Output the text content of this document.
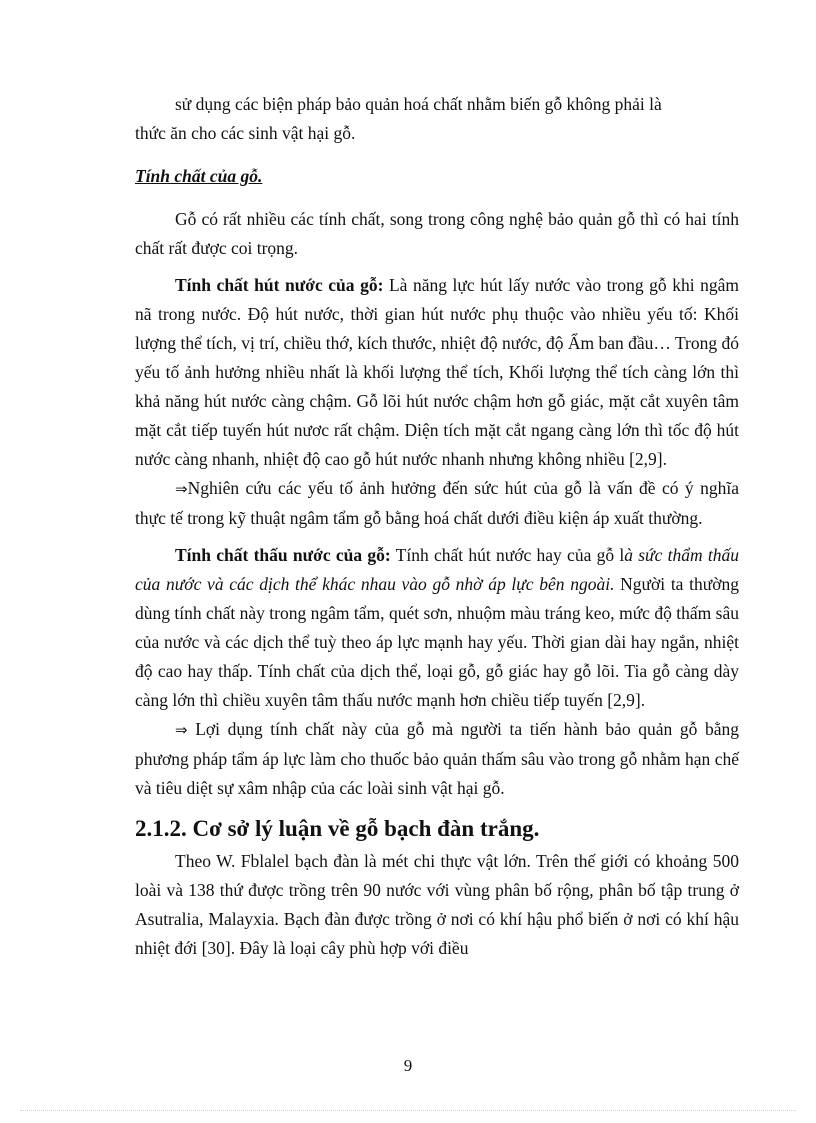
sử dụng các biện pháp bảo quản hoá chất nhằm biến gỗ không phải là

thức ăn cho các sinh vật hại gỗ.

Tính chất của gỗ.

Gỗ có rất nhiều các tính chất, song trong công nghệ bảo quản gỗ thì có hai tính chất rất được coi trọng.

Tính chất hút nước của gỗ: Là năng lực hút lấy nước vào trong gỗ khi ngâm nã trong nước. Độ hút nước, thời gian hút nước phụ thuộc vào nhiều yếu tố: Khối lượng thể tích, vị trí, chiều thớ, kích thước, nhiệt độ nước, độ Ẩm ban đầu… Trong đó yếu tố ảnh hưởng nhiều nhất là khối lượng thể tích, Khối lượng thể tích càng lớn thì khả năng hút nước càng chậm. Gỗ lõi hút nước chậm hơn gỗ giác, mặt cắt xuyên tâm mặt cắt tiếp tuyến hút nươc rất chậm. Diện tích mặt cắt ngang càng lớn thì tốc độ hút nước càng nhanh, nhiệt độ cao gỗ hút nước nhanh nhưng không nhiều [2,9].

⇒Nghiên cứu các yếu tố ảnh hưởng đến sức hút của gỗ là vấn đề có ý nghĩa thực tế trong kỹ thuật ngâm tẩm gỗ bằng hoá chất dưới điều kiện áp xuất thường.

Tính chất thấu nước của gỗ: Tính chất hút nước hay của gỗ là sức thẩm thấu của nước và các dịch thể khác nhau vào gỗ nhờ áp lực bên ngoài. Người ta thường dùng tính chất này trong ngâm tẩm, quét sơn, nhuộm màu tráng keo, mức độ thấm sâu của nước và các dịch thể tuỳ theo áp lực mạnh hay yếu. Thời gian dài hay ngắn, nhiệt độ cao hay thấp. Tính chất của dịch thể, loại gỗ, gỗ giác hay gỗ lõi. Tia gỗ càng dày càng lớn thì chiều xuyên tâm thấu nước mạnh hơn chiều tiếp tuyến [2,9].

⇒ Lợi dụng tính chất này của gỗ mà người ta tiến hành bảo quản gỗ bằng phương pháp tẩm áp lực làm cho thuốc bảo quản thấm sâu vào trong gỗ nhằm hạn chế và tiêu diệt sự xâm nhập của các loài sinh vật hại gỗ.

2.1.2. Cơ sở lý luận về gỗ bạch đàn trắng.

Theo W. Fblalel bạch đàn là mét chi thực vật lớn. Trên thế giới có khoảng 500 loài và 138 thứ được trồng trên 90 nước với vùng phân bố rộng, phân bố tập trung ở Asutralia, Malayxia. Bạch đàn được trồng ở nơi có khí hậu phổ biến ở nơi có khí hậu nhiệt đới [30]. Đây là loại cây phù hợp với điều

9
